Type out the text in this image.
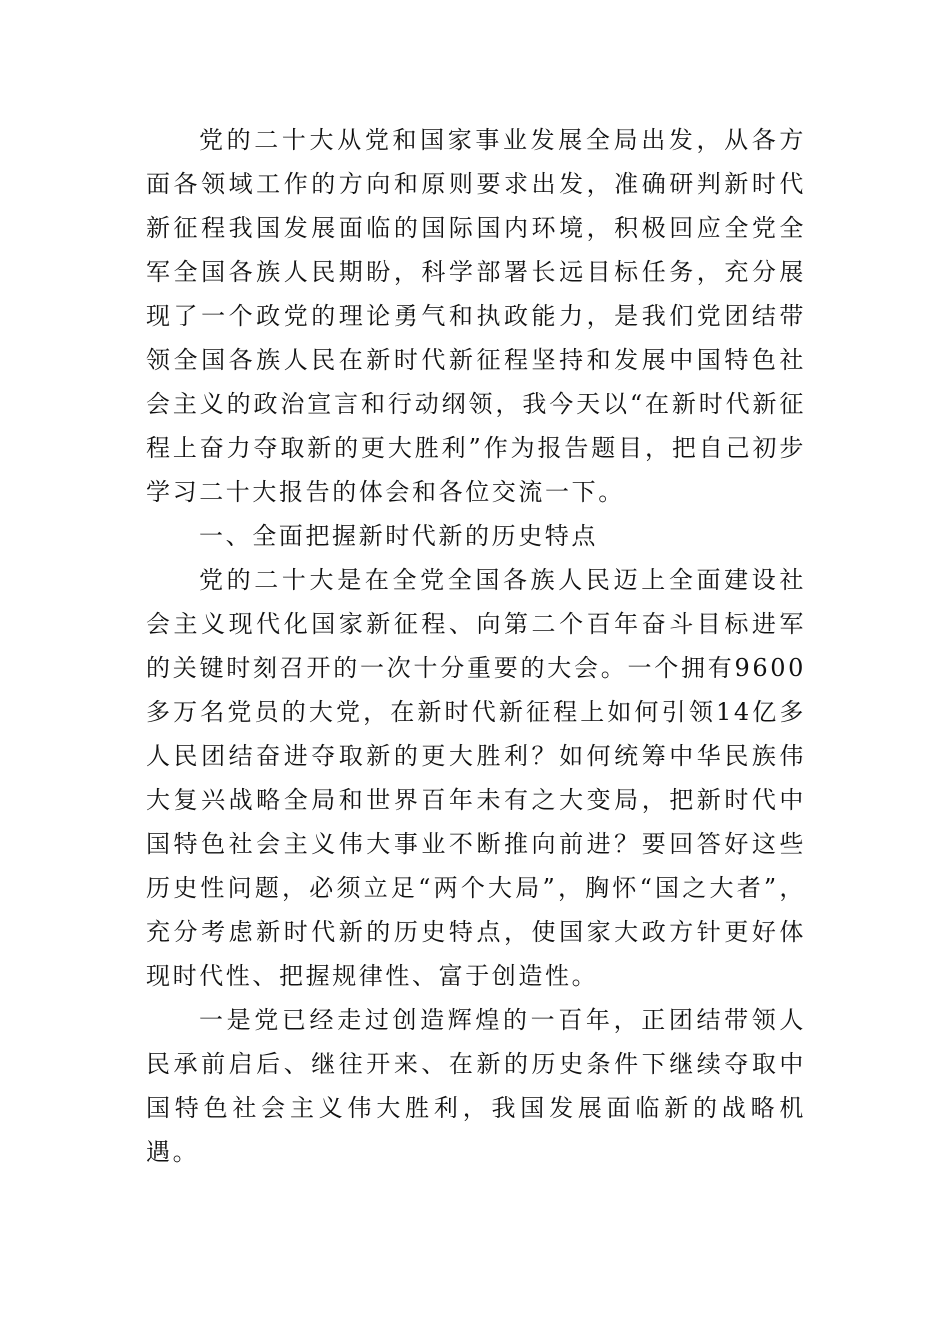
党的二十大从党和国家事业发展全局出发，从各方面各领域工作的方向和原则要求出发，准确研判新时代新征程我国发展面临的国际国内环境，积极回应全党全军全国各族人民期盼，科学部署长远目标任务，充分展现了一个政党的理论勇气和执政能力，是我们党团结带领全国各族人民在新时代新征程坚持和发展中国特色社会主义的政治宣言和行动纲领，我今天以“在新时代新征程上奋力夺取新的更大胜利”作为报告题目，把自己初步学习二十大报告的体会和各位交流一下。

一、全面把握新时代新的历史特点

党的二十大是在全党全国各族人民迈上全面建设社会主义现代化国家新征程、向第二个百年奋斗目标进军的关键时刻召开的一次十分重要的大会。一个拥有9600多万名党员的大党，在新时代新征程上如何引领14亿多人民团结奋进夺取新的更大胜利？如何统筹中华民族伟大复兴战略全局和世界百年未有之大变局，把新时代中国特色社会主义伟大事业不断推向前进？要回答好这些历史性问题，必须立足“两个大局”，胸怀“国之大者”，充分考虑新时代新的历史特点，使国家大政方针更好体现时代性、把握规律性、富于创造性。

一是党已经走过创造辉煌的一百年，正团结带领人民承前启后、继往开来、在新的历史条件下继续夺取中国特色社会主义伟大胜利，我国发展面临新的战略机遇。
